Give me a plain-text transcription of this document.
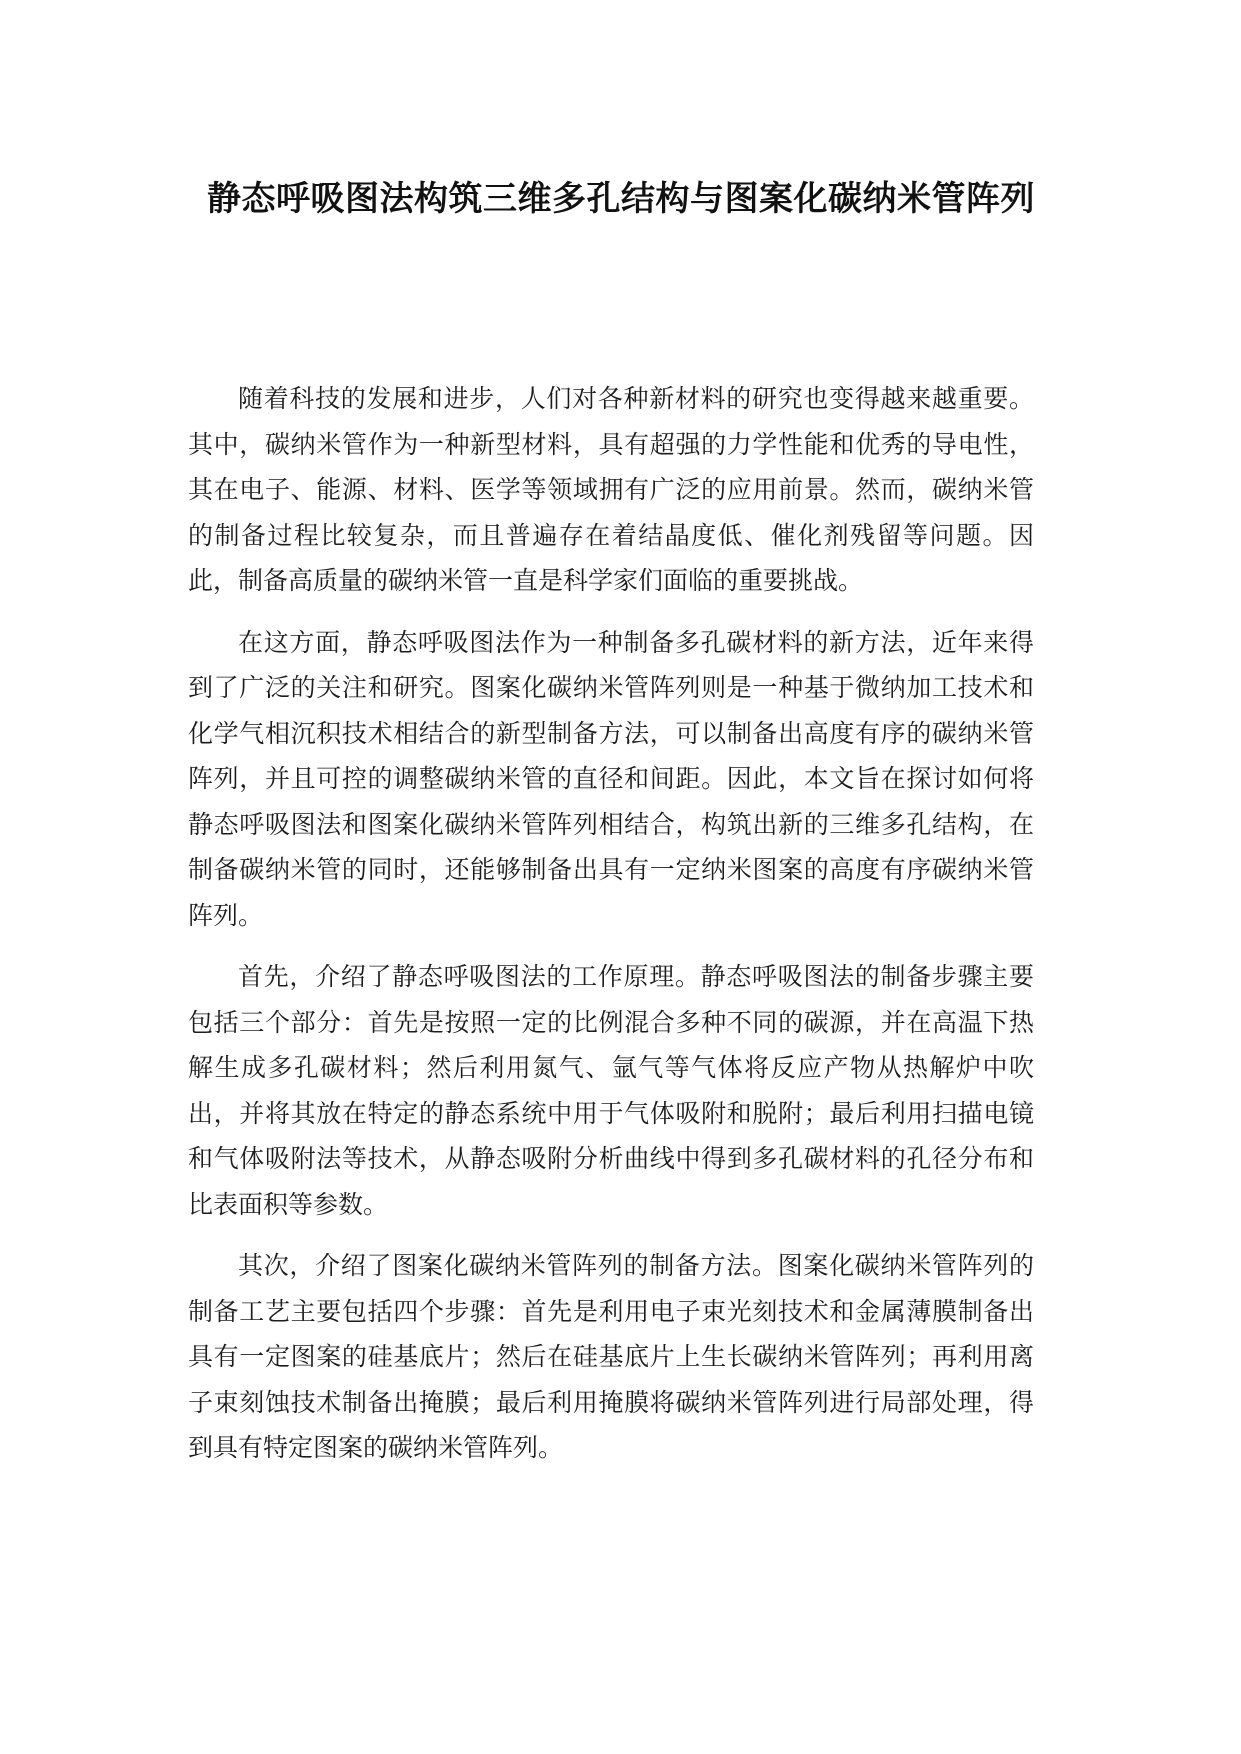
静态呼吸图法构筑三维多孔结构与图案化碳纳米管阵列

随着科技的发展和进步，人们对各种新材料的研究也变得越来越重要。其中，碳纳米管作为一种新型材料，具有超强的力学性能和优秀的导电性，其在电子、能源、材料、医学等领域拥有广泛的应用前景。然而，碳纳米管的制备过程比较复杂，而且普遍存在着结晶度低、催化剂残留等问题。因此，制备高质量的碳纳米管一直是科学家们面临的重要挑战。

在这方面，静态呼吸图法作为一种制备多孔碳材料的新方法，近年来得到了广泛的关注和研究。图案化碳纳米管阵列则是一种基于微纳加工技术和化学气相沉积技术相结合的新型制备方法，可以制备出高度有序的碳纳米管阵列，并且可控的调整碳纳米管的直径和间距。因此，本文旨在探讨如何将静态呼吸图法和图案化碳纳米管阵列相结合，构筑出新的三维多孔结构，在制备碳纳米管的同时，还能够制备出具有一定纳米图案的高度有序碳纳米管阵列。

首先，介绍了静态呼吸图法的工作原理。静态呼吸图法的制备步骤主要包括三个部分：首先是按照一定的比例混合多种不同的碳源，并在高温下热解生成多孔碳材料；然后利用氮气、氩气等气体将反应产物从热解炉中吹出，并将其放在特定的静态系统中用于气体吸附和脱附；最后利用扫描电镜和气体吸附法等技术，从静态吸附分析曲线中得到多孔碳材料的孔径分布和比表面积等参数。

其次，介绍了图案化碳纳米管阵列的制备方法。图案化碳纳米管阵列的制备工艺主要包括四个步骤：首先是利用电子束光刻技术和金属薄膜制备出具有一定图案的硅基底片；然后在硅基底片上生长碳纳米管阵列；再利用离子束刻蚀技术制备出掩膜；最后利用掩膜将碳纳米管阵列进行局部处理，得到具有特定图案的碳纳米管阵列。
